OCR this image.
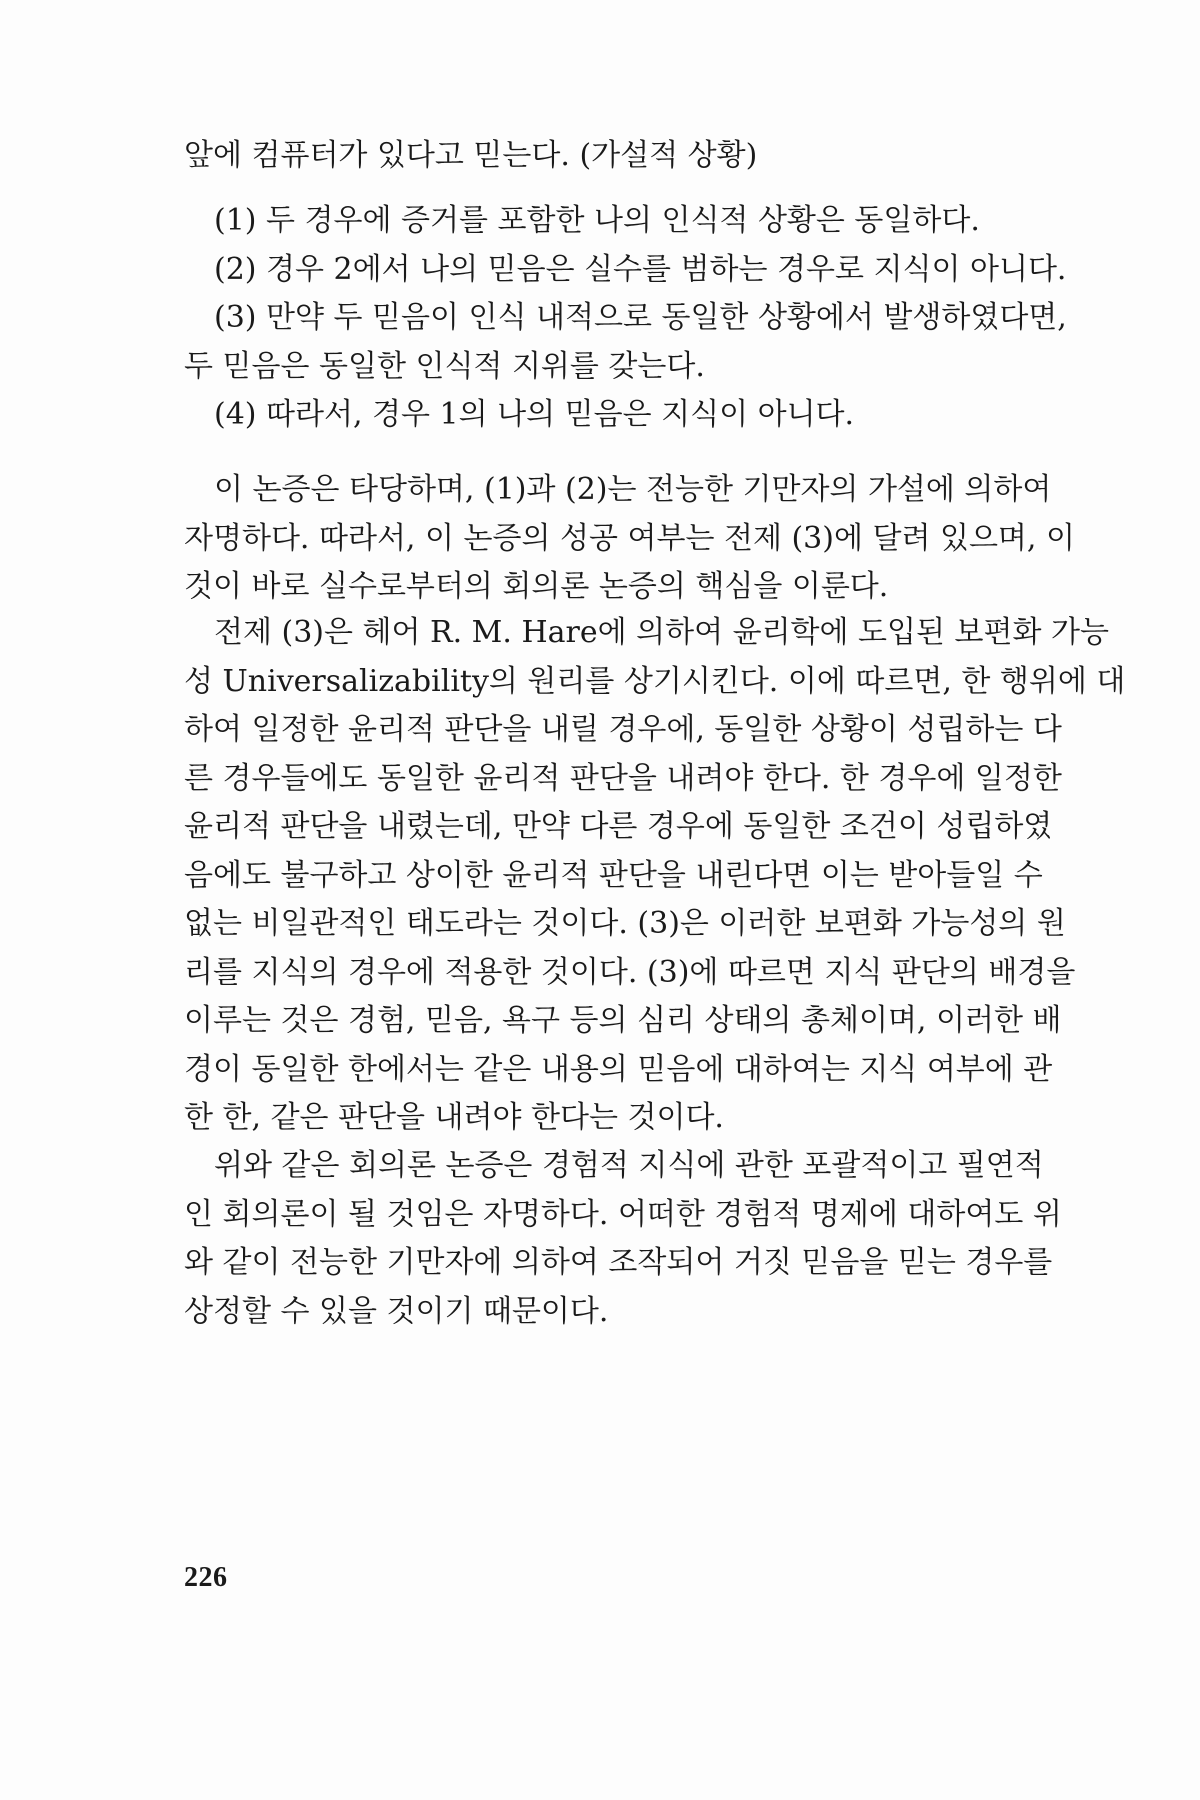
앞에 컴퓨터가 있다고 믿는다. (가설적 상황)
(1) 두 경우에 증거를 포함한 나의 인식적 상황은 동일하다.
(2) 경우 2에서 나의 믿음은 실수를 범하는 경우로 지식이 아니다.
(3) 만약 두 믿음이 인식 내적으로 동일한 상황에서 발생하였다면,
두 믿음은 동일한 인식적 지위를 갖는다.
(4) 따라서, 경우 1의 나의 믿음은 지식이 아니다.
이 논증은 타당하며, (1)과 (2)는 전능한 기만자의 가설에 의하여
자명하다. 따라서, 이 논증의 성공 여부는 전제 (3)에 달려 있으며, 이
것이 바로 실수로부터의 회의론 논증의 핵심을 이룬다.
전제 (3)은 헤어 R. M. Hare에 의하여 윤리학에 도입된 보편화 가능
성 Universalizability의 원리를 상기시킨다. 이에 따르면, 한 행위에 대
하여 일정한 윤리적 판단을 내릴 경우에, 동일한 상황이 성립하는 다
른 경우들에도 동일한 윤리적 판단을 내려야 한다. 한 경우에 일정한
윤리적 판단을 내렸는데, 만약 다른 경우에 동일한 조건이 성립하였
음에도 불구하고 상이한 윤리적 판단을 내린다면 이는 받아들일 수
없는 비일관적인 태도라는 것이다. (3)은 이러한 보편화 가능성의 원
리를 지식의 경우에 적용한 것이다. (3)에 따르면 지식 판단의 배경을
이루는 것은 경험, 믿음, 욕구 등의 심리 상태의 총체이며, 이러한 배
경이 동일한 한에서는 같은 내용의 믿음에 대하여는 지식 여부에 관
한 한, 같은 판단을 내려야 한다는 것이다.
위와 같은 회의론 논증은 경험적 지식에 관한 포괄적이고 필연적
인 회의론이 될 것임은 자명하다. 어떠한 경험적 명제에 대하여도 위
와 같이 전능한 기만자에 의하여 조작되어 거짓 믿음을 믿는 경우를
상정할 수 있을 것이기 때문이다.
226
